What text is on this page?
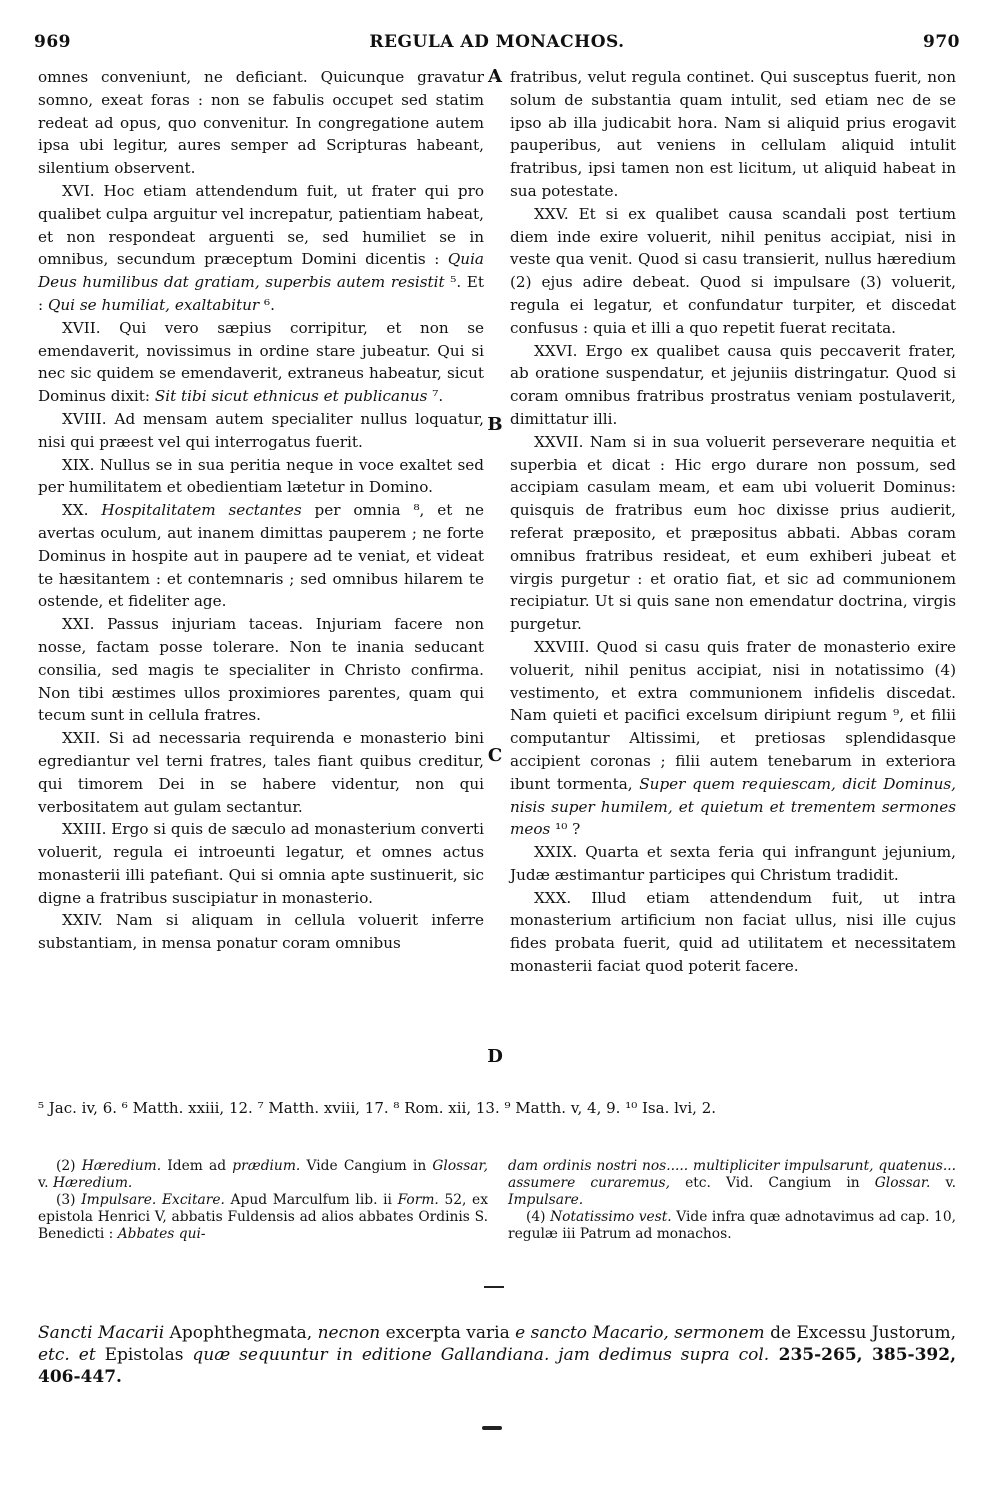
969	REGULA AD MONACHOS.	970

omnes conveniunt, ne deficiant. Quicunque gravatur somno, exeat foras : non se fabulis occupet sed statim redeat ad opus, quo convenitur. In congregatione autem ipsa ubi legitur, aures semper ad Scripturas habeant, silentium observent.

XVI. Hoc etiam attendendum fuit, ut frater qui pro qualibet culpa arguitur vel increpatur, patientiam habeat, et non respondeat arguenti se, sed humiliet se in omnibus, secundum præceptum Domini dicentis : Quia Deus humilibus dat gratiam, superbis autem resistit ⁵. Et : Qui se humiliat, exaltabitur ⁶.

XVII. Qui vero sæpius corripitur, et non se emendaverit, novissimus in ordine stare jubeatur. Qui si nec sic quidem se emendaverit, extraneus habeatur, sicut Dominus dixit: Sit tibi sicut ethnicus et publicanus ⁷.

XVIII. Ad mensam autem specialiter nullus loquatur, nisi qui præest vel qui interrogatus fuerit.

XIX. Nullus se in sua peritia neque in voce exaltet sed per humilitatem et obedientiam lætetur in Domino.

XX. Hospitalitatem sectantes per omnia ⁸, et ne avertas oculum, aut inanem dimittas pauperem ; ne forte Dominus in hospite aut in paupere ad te veniat, et videat te hæsitantem : et contemnaris ; sed omnibus hilarem te ostende, et fideliter age.

XXI. Passus injuriam taceas. Injuriam facere non nosse, factam posse tolerare. Non te inania seducant consilia, sed magis te specialiter in Christo confirma. Non tibi æstimes ullos proximiores parentes, quam qui tecum sunt in cellula fratres.

XXII. Si ad necessaria requirenda e monasterio bini egrediantur vel terni fratres, tales fiant quibus creditur, qui timorem Dei in se habere videntur, non qui verbositatem aut gulam sectantur.

XXIII. Ergo si quis de sæculo ad monasterium converti voluerit, regula ei introeunti legatur, et omnes actus monasterii illi patefiant. Qui si omnia apte sustinuerit, sic digne a fratribus suscipiatur in monasterio.

XXIV. Nam si aliquam in cellula voluerit inferre substantiam, in mensa ponatur coram omnibus

A
B
C
D

fratribus, velut regula continet. Qui susceptus fuerit, non solum de substantia quam intulit, sed etiam nec de se ipso ab illa judicabit hora. Nam si aliquid prius erogavit pauperibus, aut veniens in cellulam aliquid intulit fratribus, ipsi tamen non est licitum, ut aliquid habeat in sua potestate.

XXV. Et si ex qualibet causa scandali post tertium diem inde exire voluerit, nihil penitus accipiat, nisi in veste qua venit. Quod si casu transierit, nullus hæredium (2) ejus adire debeat. Quod si impulsare (3) voluerit, regula ei legatur, et confundatur turpiter, et discedat confusus : quia et illi a quo repetit fuerat recitata.

XXVI. Ergo ex qualibet causa quis peccaverit frater, ab oratione suspendatur, et jejuniis distringatur. Quod si coram omnibus fratribus prostratus veniam postulaverit, dimittatur illi.

XXVII. Nam si in sua voluerit perseverare nequitia et superbia et dicat : Hic ergo durare non possum, sed accipiam casulam meam, et eam ubi voluerit Dominus: quisquis de fratribus eum hoc dixisse prius audierit, referat præposito, et præpositus abbati. Abbas coram omnibus fratribus resideat, et eum exhiberi jubeat et virgis purgetur : et oratio fiat, et sic ad communionem recipiatur. Ut si quis sane non emendatur doctrina, virgis purgetur.

XXVIII. Quod si casu quis frater de monasterio exire voluerit, nihil penitus accipiat, nisi in notatissimo (4) vestimento, et extra communionem infidelis discedat. Nam quieti et pacifici excelsum diripiunt regum ⁹, et filii computantur Altissimi, et pretiosas splendidasque accipient coronas ; filii autem tenebarum in exteriora ibunt tormenta, Super quem requiescam, dicit Dominus, nisis super humilem, et quietum et trementem sermones meos ¹⁰ ?

XXIX. Quarta et sexta feria qui infrangunt jejunium, Judæ æstimantur participes qui Christum tradidit.

XXX. Illud etiam attendendum fuit, ut intra monasterium artificium non faciat ullus, nisi ille cujus fides probata fuerit, quid ad utilitatem et necessitatem monasterii faciat quod poterit facere.

⁵ Jac. iv, 6. ⁶ Matth. xxiii, 12. ⁷ Matth. xviii, 17. ⁸ Rom. xii, 13. ⁹ Matth. v, 4, 9. ¹⁰ Isa. lvi, 2.

(2) Hæredium. Idem ad prædium. Vide Cangium in Glossar, v. Hæredium.

(3) Impulsare. Excitare. Apud Marculfum lib. ii Form. 52, ex epistola Henrici V, abbatis Fuldensis ad alios abbates Ordinis S. Benedicti : Abbates qui-

dam ordinis nostri nos..... multipliciter impulsarunt, quatenus... assumere curaremus, etc. Vid. Cangium in Glossar. v. Impulsare.

(4) Notatissimo vest. Vide infra quæ adnotavimus ad cap. 10, regulæ iii Patrum ad monachos.

Sancti Macarii Apophthegmata, necnon excerpta varia e sancto Macario, sermonem de Excessu Justorum, etc. et Epistolas quæ sequuntur in editione Gallandiana. jam dedimus supra col. 235-265, 385-392, 406-447.
